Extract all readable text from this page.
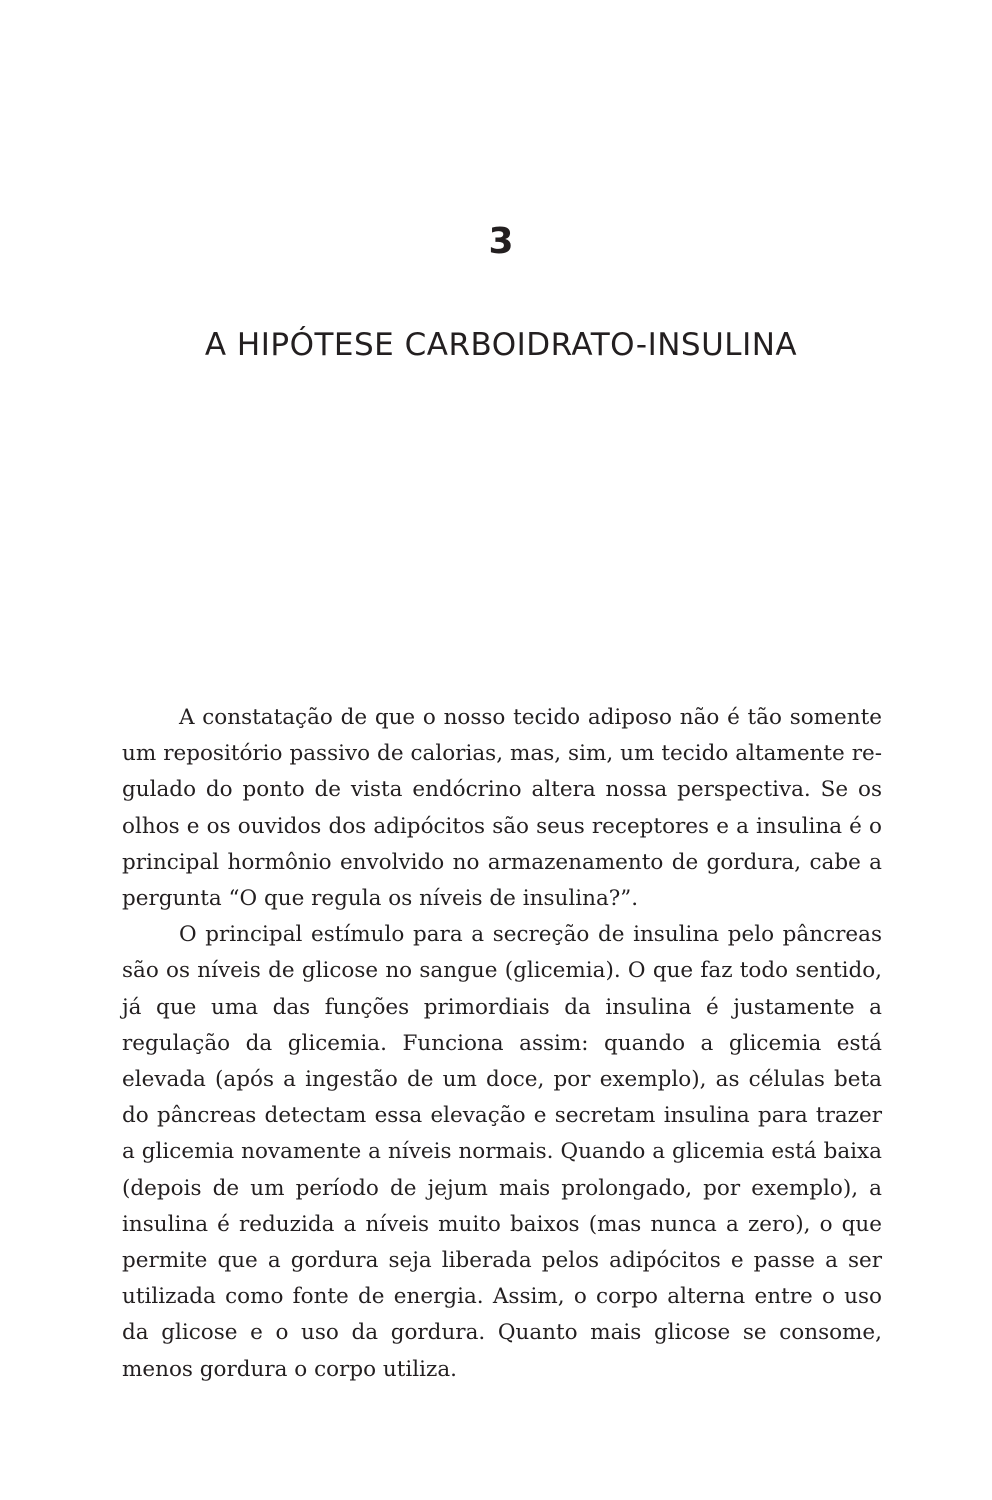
3
A HIPÓTESE CARBOIDRATO-INSULINA

A constatação de que o nosso tecido adiposo não é tão somente um repositório passivo de calorias, mas, sim, um tecido altamente regulado do ponto de vista endócrino altera nossa perspectiva. Se os olhos e os ouvidos dos adipócitos são seus receptores e a insulina é o principal hormônio envolvido no armazenamento de gordura, cabe a pergunta “O que regula os níveis de insulina?”.

O principal estímulo para a secreção de insulina pelo pâncreas são os níveis de glicose no sangue (glicemia). O que faz todo sentido, já que uma das funções primordiais da insulina é justamente a regulação da glicemia. Funciona assim: quando a glicemia está elevada (após a ingestão de um doce, por exemplo), as células beta do pâncreas detectam essa elevação e secretam insulina para trazer a glicemia novamente a níveis normais. Quando a glicemia está baixa (depois de um período de jejum mais prolongado, por exemplo), a insulina é reduzida a níveis muito baixos (mas nunca a zero), o que permite que a gordura seja liberada pelos adipócitos e passe a ser utilizada como fonte de energia. Assim, o corpo alterna entre o uso da glicose e o uso da gordura. Quanto mais glicose se consome, menos gordura o corpo utiliza.
